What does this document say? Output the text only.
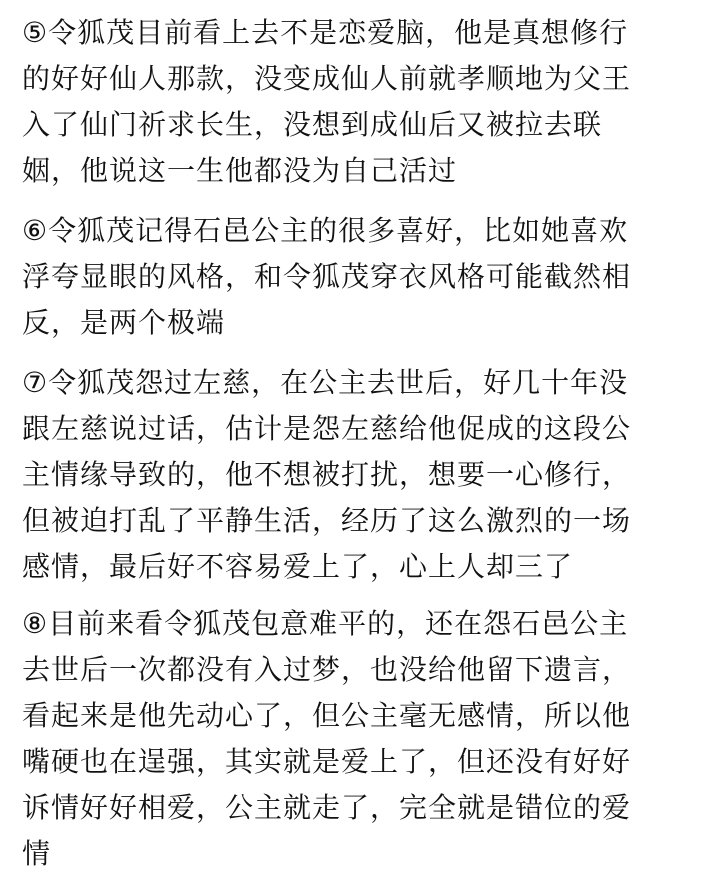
⑤令狐茂目前看上去不是恋爱脑，他是真想修行
的好好仙人那款，没变成仙人前就孝顺地为父王
入了仙门祈求长生，没想到成仙后又被拉去联
姻，他说这一生他都没为自己活过
⑥令狐茂记得石邑公主的很多喜好，比如她喜欢
浮夸显眼的风格，和令狐茂穿衣风格可能截然相
反，是两个极端
⑦令狐茂怨过左慈，在公主去世后，好几十年没
跟左慈说过话，估计是怨左慈给他促成的这段公
主情缘导致的，他不想被打扰，想要一心修行，
但被迫打乱了平静生活，经历了这么激烈的一场
感情，最后好不容易爱上了，心上人却三了
⑧目前来看令狐茂包意难平的，还在怨石邑公主
去世后一次都没有入过梦，也没给他留下遗言，
看起来是他先动心了，但公主毫无感情，所以他
嘴硬也在逞强，其实就是爱上了，但还没有好好
诉情好好相爱，公主就走了，完全就是错位的爱
情
